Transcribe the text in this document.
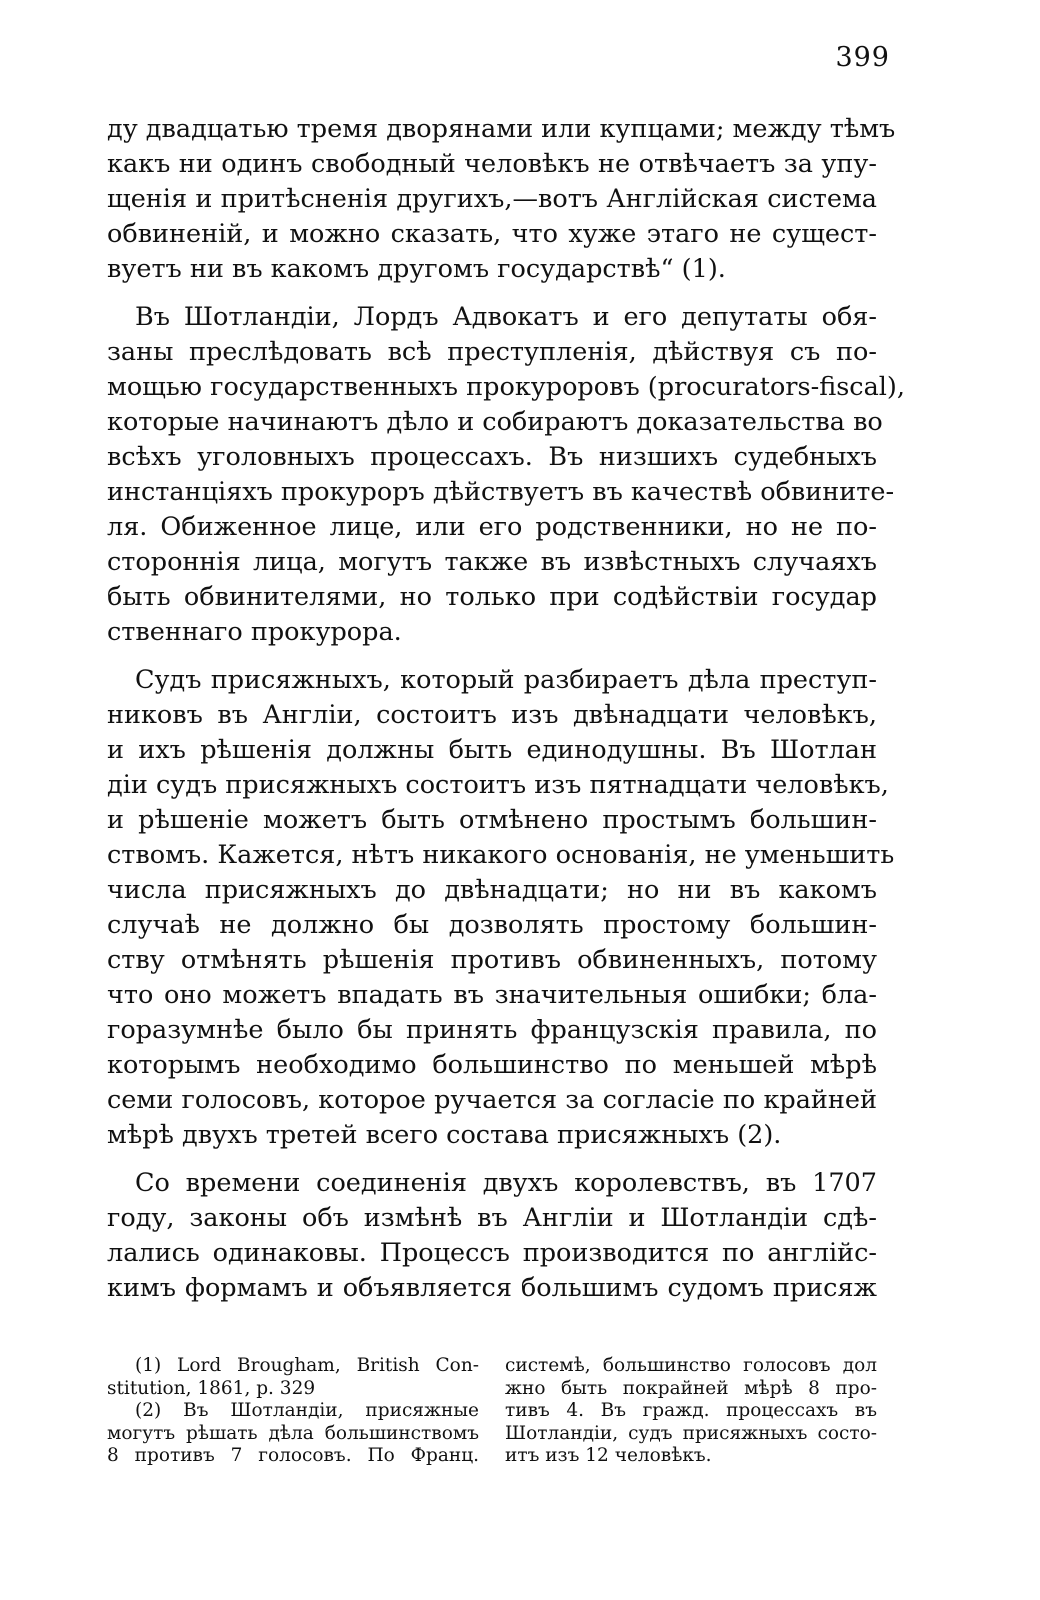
399
ду двадцатью тремя дворянами или купцами; между тѣмъ
какъ ни одинъ свободный человѣкъ не отвѣчаетъ за упу-
щенія и притѣсненія другихъ,—вотъ Англійская система
обвиненій, и можно сказать, что хуже этаго не сущест-
вуетъ ни въ какомъ другомъ государствѣ“ (1).
Въ Шотландіи, Лордъ Адвокатъ и его депутаты обя-
заны преслѣдовать всѣ преступленія, дѣйствуя съ по-
мощью государственныхъ прокуроровъ (procurators-fiscal),
которые начинаютъ дѣло и собираютъ доказательства во
всѣхъ уголовныхъ процессахъ. Въ низшихъ судебныхъ
инстанціяхъ прокуроръ дѣйствуетъ въ качествѣ обвините-
ля. Обиженное лице, или его родственники, но не по-
стороннія лица, могутъ также въ извѣстныхъ случаяхъ
быть обвинителями, но только при содѣйствіи государ
ственнаго прокурора.
Судъ присяжныхъ, который разбираетъ дѣла преступ-
никовъ въ Англіи, состоитъ изъ двѣнадцати человѣкъ,
и ихъ рѣшенія должны быть единодушны. Въ Шотлан
діи судъ присяжныхъ состоитъ изъ пятнадцати человѣкъ,
и рѣшеніе можетъ быть отмѣнено простымъ большин-
ствомъ. Кажется, нѣтъ никакого основанія, не уменьшить
числа присяжныхъ до двѣнадцати; но ни въ какомъ
случаѣ не должно бы дозволять простому большин-
ству отмѣнять рѣшенія противъ обвиненныхъ, потому
что оно можетъ впадать въ значительныя ошибки; бла-
горазумнѣе было бы принять французскія правила, по
которымъ необходимо большинство по меньшей мѣрѣ
семи голосовъ, которое ручается за согласіе по крайней
мѣрѣ двухъ третей всего состава присяжныхъ (2).
Со времени соединенія двухъ королевствъ, въ 1707
году, законы объ измѣнѣ въ Англіи и Шотландіи сдѣ-
лались одинаковы. Процессъ производится по англійс-
кимъ формамъ и объявляется большимъ судомъ присяж
(1) Lord Brougham, British Con-
stitution, 1861, p. 329
(2) Въ Шотландіи, присяжные
могутъ рѣшать дѣла большинствомъ
8 противъ 7 голосовъ. По Франц.
системѣ, большинство голосовъ дол
жно быть покрайней мѣрѣ 8 про-
тивъ 4. Въ гражд. процессахъ въ
Шотландіи, судъ присяжныхъ состо-
итъ изъ 12 человѣкъ.
